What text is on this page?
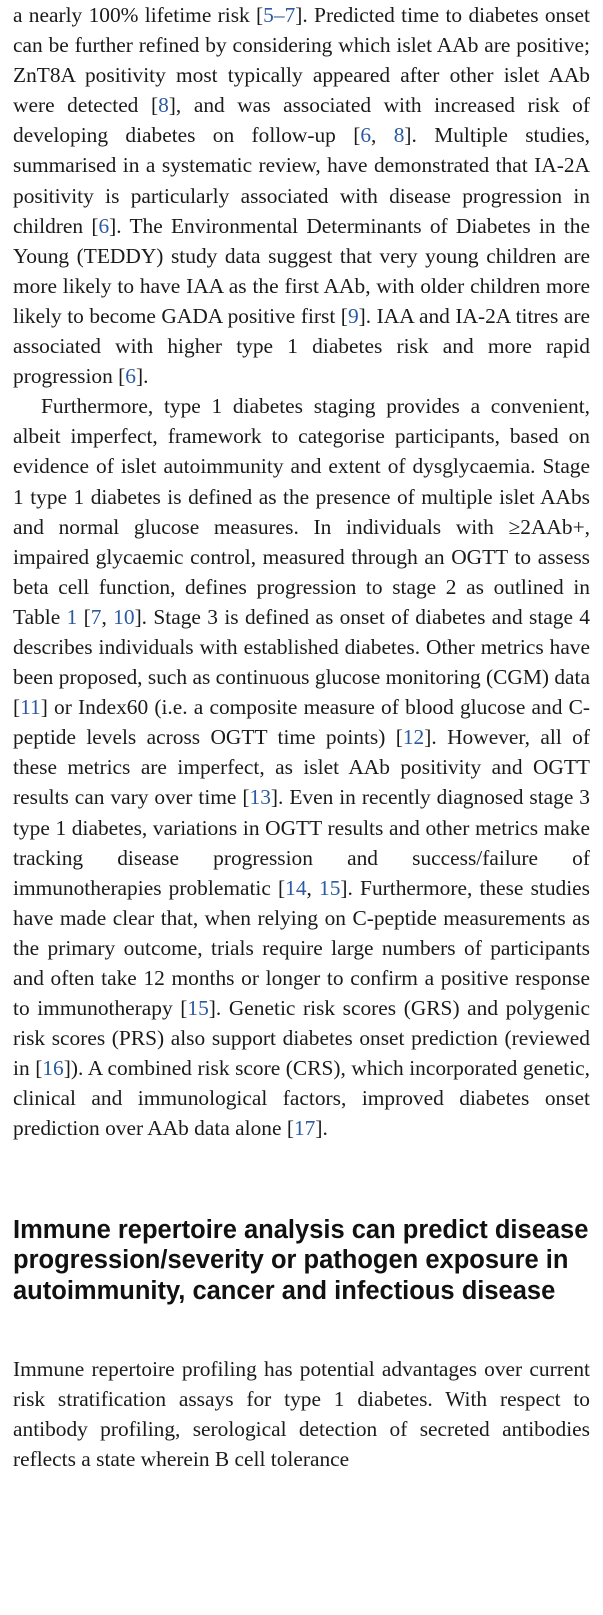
a nearly 100% lifetime risk [5–7]. Predicted time to diabetes onset can be further refined by considering which islet AAb are positive; ZnT8A positivity most typically appeared after other islet AAb were detected [8], and was associated with increased risk of developing diabetes on follow-up [6, 8]. Multiple studies, summarised in a systematic review, have demonstrated that IA-2A positivity is particularly associated with disease progression in children [6]. The Environmental Determinants of Diabetes in the Young (TEDDY) study data suggest that very young children are more likely to have IAA as the first AAb, with older children more likely to become GADA positive first [9]. IAA and IA-2A titres are associated with higher type 1 diabetes risk and more rapid progression [6].

Furthermore, type 1 diabetes staging provides a convenient, albeit imperfect, framework to categorise participants, based on evidence of islet autoimmunity and extent of dysglycaemia. Stage 1 type 1 diabetes is defined as the presence of multiple islet AAbs and normal glucose measures. In individuals with ≥2AAb+, impaired glycaemic control, measured through an OGTT to assess beta cell function, defines progression to stage 2 as outlined in Table 1 [7, 10]. Stage 3 is defined as onset of diabetes and stage 4 describes individuals with established diabetes. Other metrics have been proposed, such as continuous glucose monitoring (CGM) data [11] or Index60 (i.e. a composite measure of blood glucose and C-peptide levels across OGTT time points) [12]. However, all of these metrics are imperfect, as islet AAb positivity and OGTT results can vary over time [13]. Even in recently diagnosed stage 3 type 1 diabetes, variations in OGTT results and other metrics make tracking disease progression and success/failure of immunotherapies problematic [14, 15]. Furthermore, these studies have made clear that, when relying on C-peptide measurements as the primary outcome, trials require large numbers of participants and often take 12 months or longer to confirm a positive response to immunotherapy [15]. Genetic risk scores (GRS) and polygenic risk scores (PRS) also support diabetes onset prediction (reviewed in [16]). A combined risk score (CRS), which incorporated genetic, clinical and immunological factors, improved diabetes onset prediction over AAb data alone [17].

Immune repertoire analysis can predict disease progression/severity or pathogen exposure in autoimmunity, cancer and infectious disease

Immune repertoire profiling has potential advantages over current risk stratification assays for type 1 diabetes. With respect to antibody profiling, serological detection of secreted antibodies reflects a state wherein B cell tolerance
